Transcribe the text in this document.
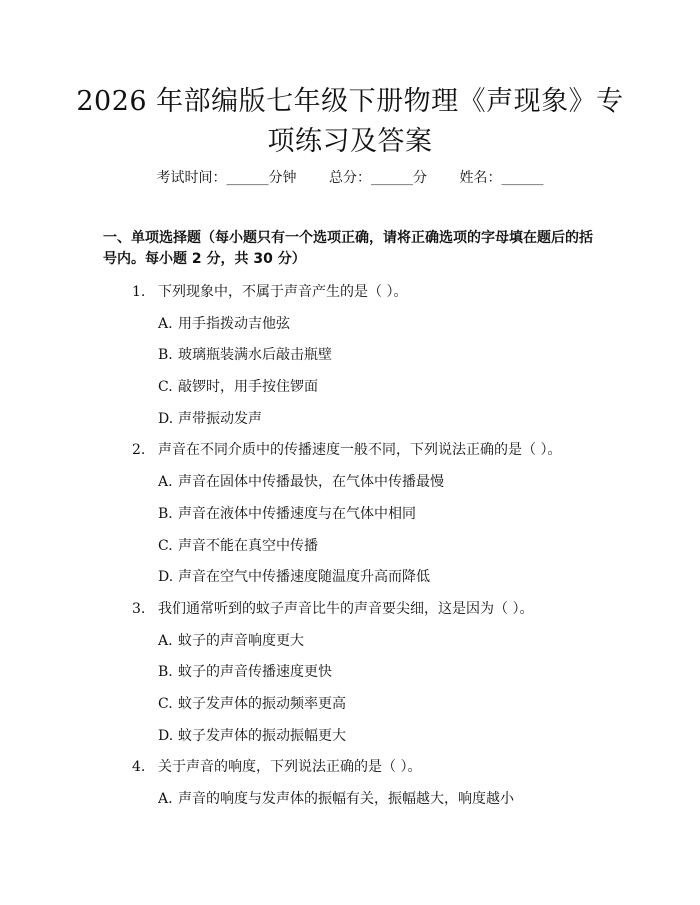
2026 年部编版七年级下册物理《声现象》专
项练习及答案
考试时间：______分钟 总分：______分 姓名：______
一、单项选择题（每小题只有一个选项正确，请将正确选项的字母填在题后的括
号内。每小题 2 分，共 30 分）
1. 下列现象中，不属于声音产生的是（ ）。
A. 用手指拨动吉他弦
B. 玻璃瓶装满水后敲击瓶壁
C. 敲锣时，用手按住锣面
D. 声带振动发声
2. 声音在不同介质中的传播速度一般不同，下列说法正确的是（ ）。
A. 声音在固体中传播最快，在气体中传播最慢
B. 声音在液体中传播速度与在气体中相同
C. 声音不能在真空中传播
D. 声音在空气中传播速度随温度升高而降低
3. 我们通常听到的蚊子声音比牛的声音要尖细，这是因为（ ）。
A. 蚊子的声音响度更大
B. 蚊子的声音传播速度更快
C. 蚊子发声体的振动频率更高
D. 蚊子发声体的振动振幅更大
4. 关于声音的响度，下列说法正确的是（ ）。
A. 声音的响度与发声体的振幅有关，振幅越大，响度越小
